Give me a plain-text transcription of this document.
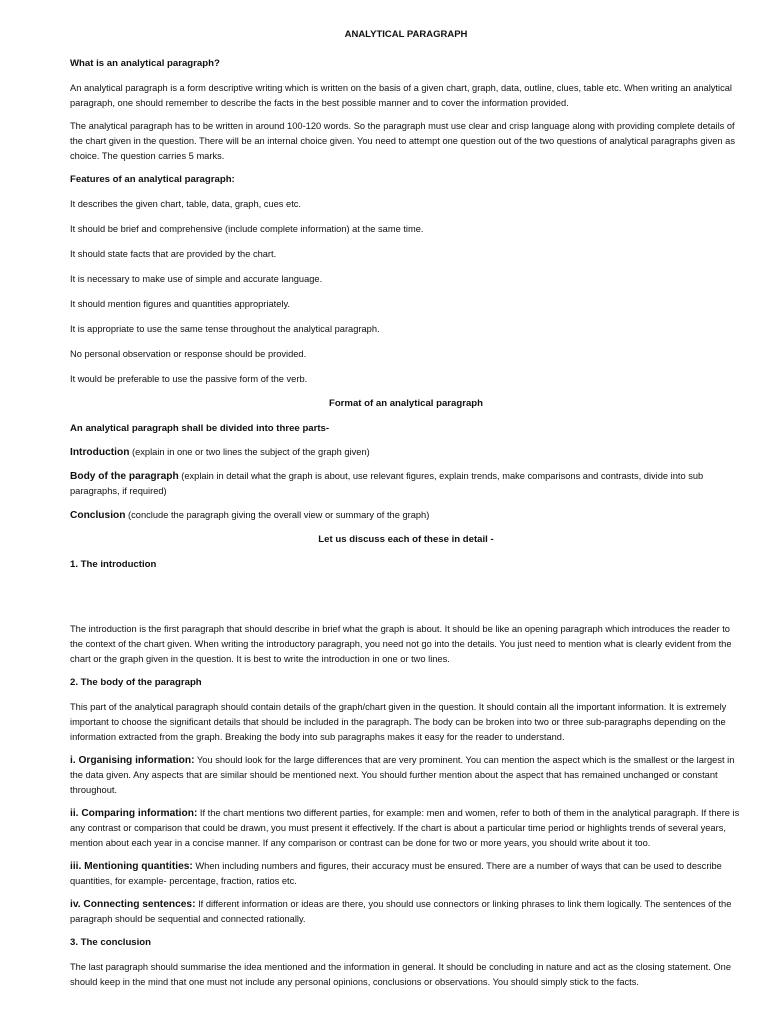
ANALYTICAL PARAGRAPH

What is an analytical paragraph?

An analytical paragraph is a form descriptive writing which is written on the basis of a given chart, graph, data, outline, clues, table etc. When writing an analytical paragraph, one should remember to describe the facts in the best possible manner and to cover the information provided.

The analytical paragraph has to be written in around 100-120 words. So the paragraph must use clear and crisp language along with providing complete details of the chart given in the question. There will be an internal choice given. You need to attempt one question out of the two questions of analytical paragraphs given as choice. The question carries 5 marks.

Features of an analytical paragraph:

It describes the given chart, table, data, graph, cues etc.

It should be brief and comprehensive (include complete information) at the same time.

It should state facts that are provided by the chart.

It is necessary to make use of simple and accurate language.

It should mention figures and quantities appropriately.

It is appropriate to use the same tense throughout the analytical paragraph.

No personal observation or response should be provided.

It would be preferable to use the passive form of the verb.

Format of an analytical paragraph

An analytical paragraph shall be divided into three parts-

Introduction (explain in one or two lines the subject of the graph given)

Body of the paragraph (explain in detail what the graph is about, use relevant figures, explain trends, make comparisons and contrasts, divide into sub paragraphs, if required)

Conclusion (conclude the paragraph giving the overall view or summary of the graph)

Let us discuss each of these in detail -

1. The introduction

The introduction is the first paragraph that should describe in brief what the graph is about. It should be like an opening paragraph which introduces the reader to the context of the chart given. When writing the introductory paragraph, you need not go into the details. You just need to mention what is clearly evident from the chart or the graph given in the question. It is best to write the introduction in one or two lines.

2. The body of the paragraph

This part of the analytical paragraph should contain details of the graph/chart given in the question. It should contain all the important information. It is extremely important to choose the significant details that should be included in the paragraph. The body can be broken into two or three sub-paragraphs depending on the information extracted from the graph. Breaking the body into sub paragraphs makes it easy for the reader to understand.

i. Organising information: You should look for the large differences that are very prominent. You can mention the aspect which is the smallest or the largest in the data given. Any aspects that are similar should be mentioned next. You should further mention about the aspect that has remained unchanged or constant throughout.

ii. Comparing information: If the chart mentions two different parties, for example: men and women, refer to both of them in the analytical paragraph. If there is any contrast or comparison that could be drawn, you must present it effectively. If the chart is about a particular time period or highlights trends of several years, mention about each year in a concise manner. If any comparison or contrast can be done for two or more years, you should write about it too.

iii. Mentioning quantities: When including numbers and figures, their accuracy must be ensured. There are a number of ways that can be used to describe quantities, for example- percentage, fraction, ratios etc.

iv. Connecting sentences: If different information or ideas are there, you should use connectors or linking phrases to link them logically. The sentences of the paragraph should be sequential and connected rationally.

3. The conclusion

The last paragraph should summarise the idea mentioned and the information in general. It should be concluding in nature and act as the closing statement. One should keep in the mind that one must not include any personal opinions, conclusions or observations. You should simply stick to the facts.
